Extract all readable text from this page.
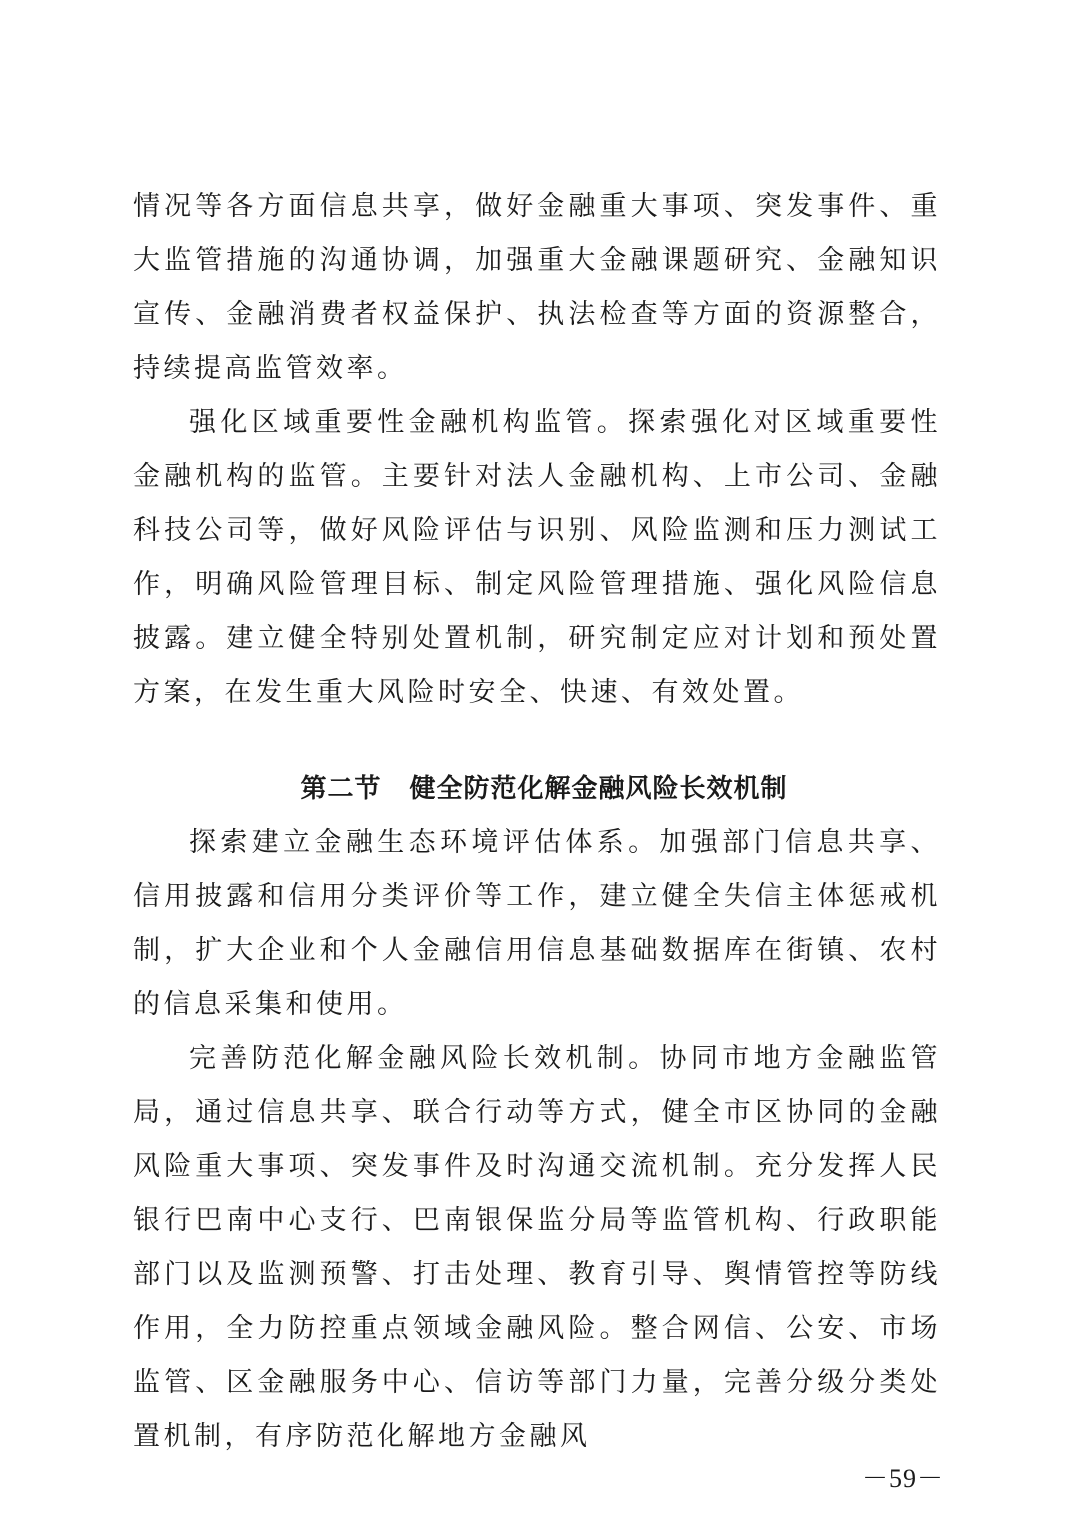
情况等各方面信息共享，做好金融重大事项、突发事件、重大监管措施的沟通协调，加强重大金融课题研究、金融知识宣传、金融消费者权益保护、执法检查等方面的资源整合，持续提高监管效率。

强化区域重要性金融机构监管。探索强化对区域重要性金融机构的监管。主要针对法人金融机构、上市公司、金融科技公司等，做好风险评估与识别、风险监测和压力测试工作，明确风险管理目标、制定风险管理措施、强化风险信息披露。建立健全特别处置机制，研究制定应对计划和预处置方案，在发生重大风险时安全、快速、有效处置。

第二节 健全防范化解金融风险长效机制

探索建立金融生态环境评估体系。加强部门信息共享、信用披露和信用分类评价等工作，建立健全失信主体惩戒机制，扩大企业和个人金融信用信息基础数据库在街镇、农村的信息采集和使用。

完善防范化解金融风险长效机制。协同市地方金融监管局，通过信息共享、联合行动等方式，健全市区协同的金融风险重大事项、突发事件及时沟通交流机制。充分发挥人民银行巴南中心支行、巴南银保监分局等监管机构、行政职能部门以及监测预警、打击处理、教育引导、舆情管控等防线作用，全力防控重点领域金融风险。整合网信、公安、市场监管、区金融服务中心、信访等部门力量，完善分级分类处置机制，有序防范化解地方金融风

－59－
